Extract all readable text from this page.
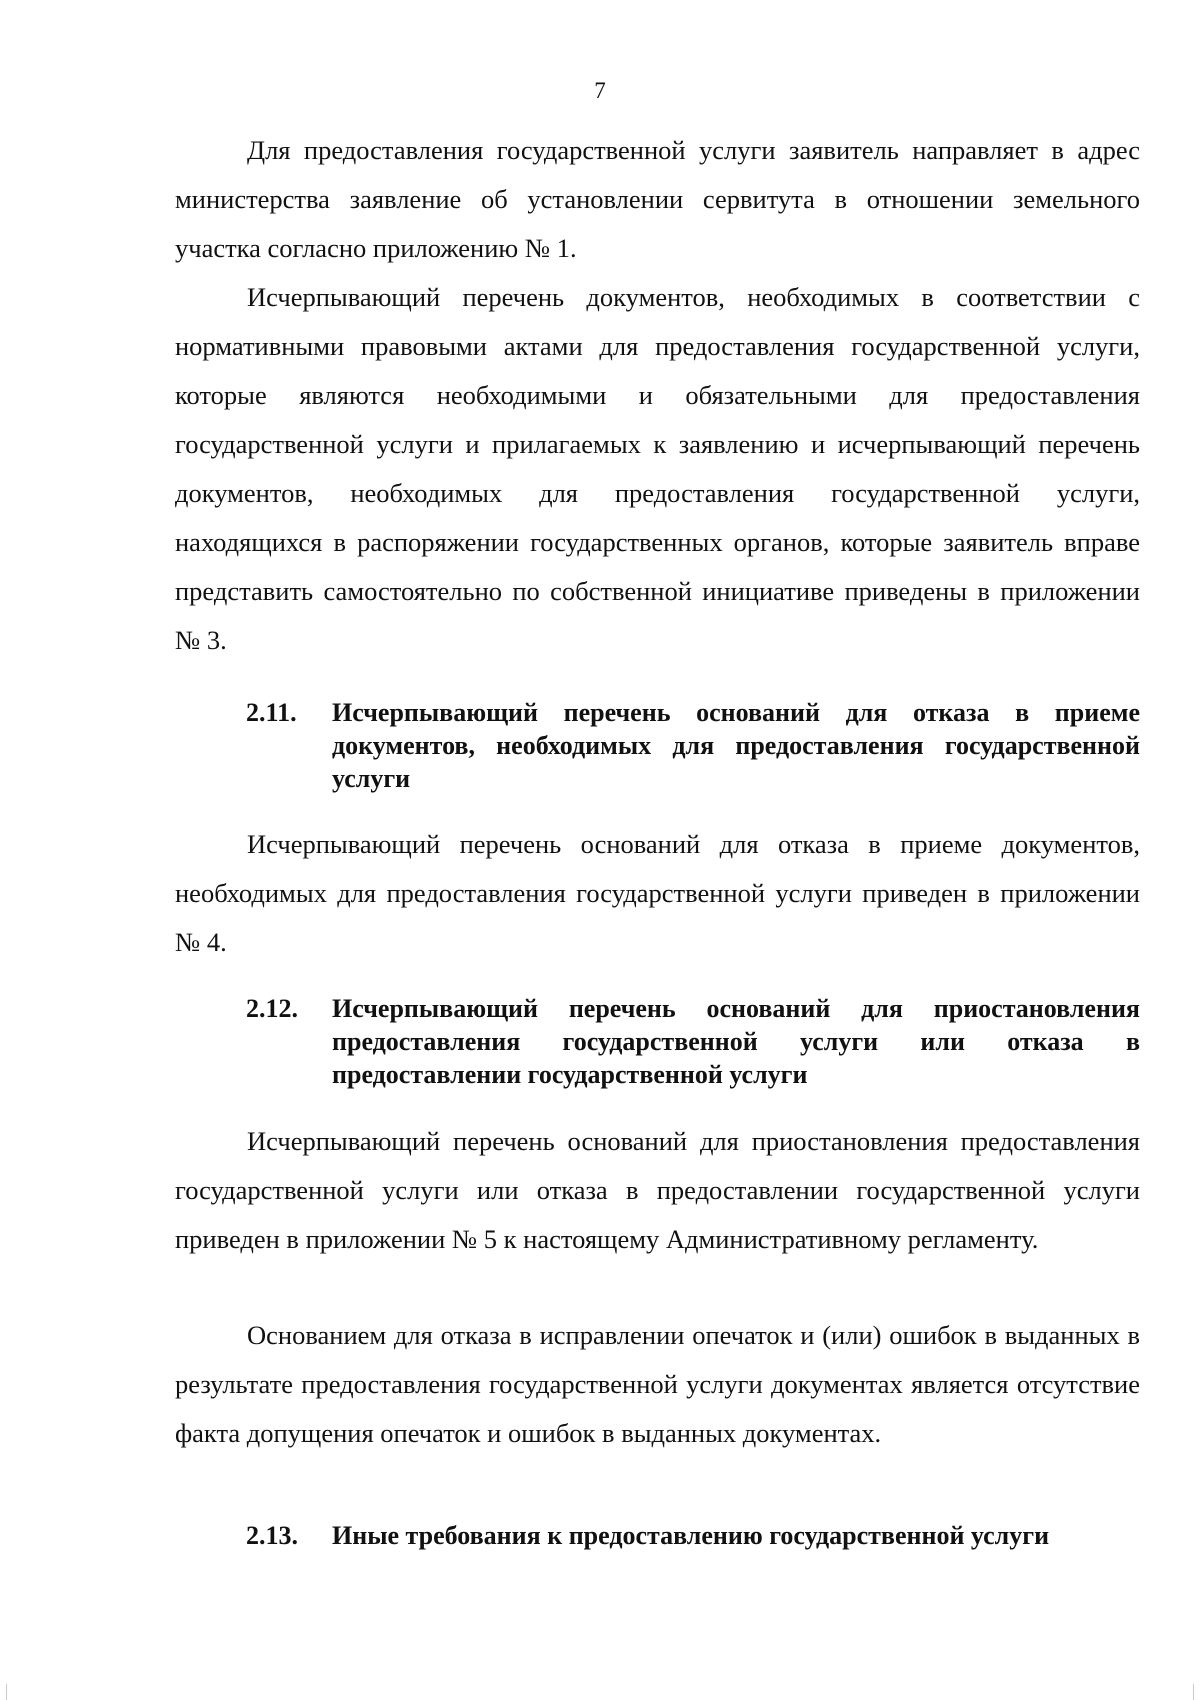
7

Для предоставления государственной услуги заявитель направляет в адрес министерства заявление об установлении сервитута в отношении земельного участка согласно приложению № 1.

Исчерпывающий перечень документов, необходимых в соответствии с нормативными правовыми актами для предоставления государственной услуги, которые являются необходимыми и обязательными для предоставления государственной услуги и прилагаемых к заявлению и исчерпывающий перечень документов, необходимых для предоставления государственной услуги, находящихся в распоряжении государственных органов, которые заявитель вправе представить самостоятельно по собственной инициативе приведены в приложении № 3.

2.11.	Исчерпывающий перечень оснований для отказа в приеме документов, необходимых для предоставления государственной услуги

Исчерпывающий перечень оснований для отказа в приеме документов, необходимых для предоставления государственной услуги приведен в приложении № 4.

2.12.	Исчерпывающий перечень оснований для приостановления предоставления государственной услуги или отказа в предоставлении государственной услуги

Исчерпывающий перечень оснований для приостановления предоставления государственной услуги или отказа в предоставлении государственной услуги приведен в приложении № 5 к настоящему Административному регламенту.

Основанием для отказа в исправлении опечаток и (или) ошибок в выданных в результате предоставления государственной услуги документах является отсутствие факта допущения опечаток и ошибок в выданных документах.

2.13.	Иные требования к предоставлению государственной услуги
